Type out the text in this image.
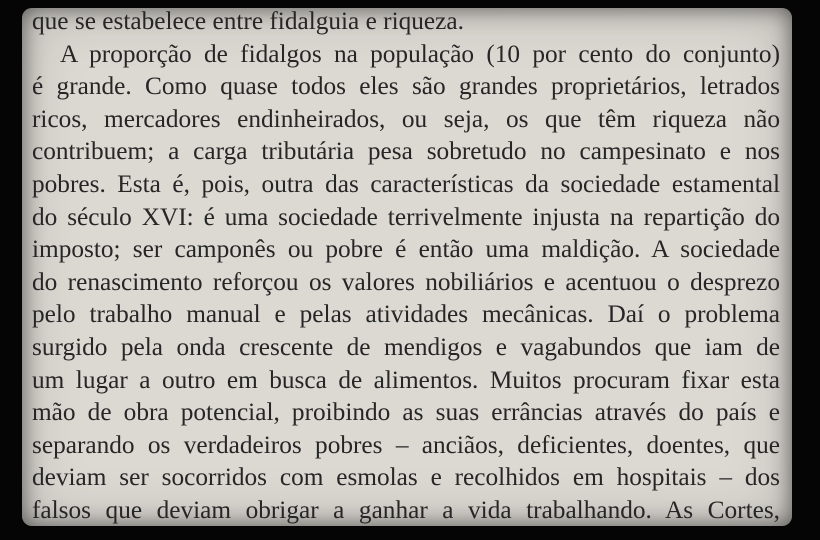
que se estabelece entre fidalguia e riqueza.
A proporção de fidalgos na população (10 por cento do conjunto)
é grande. Como quase todos eles são grandes proprietários, letrados
ricos, mercadores endinheirados, ou seja, os que têm riqueza não
contribuem; a carga tributária pesa sobretudo no campesinato e nos
pobres. Esta é, pois, outra das características da sociedade estamental
do século XVI: é uma sociedade terrivelmente injusta na repartição do
imposto; ser camponês ou pobre é então uma maldição. A sociedade
do renascimento reforçou os valores nobiliários e acentuou o desprezo
pelo trabalho manual e pelas atividades mecânicas. Daí o problema
surgido pela onda crescente de mendigos e vagabundos que iam de
um lugar a outro em busca de alimentos. Muitos procuram fixar esta
mão de obra potencial, proibindo as suas errâncias através do país e
separando os verdadeiros pobres – anciãos, deficientes, doentes, que
deviam ser socorridos com esmolas e recolhidos em hospitais – dos
falsos que deviam obrigar a ganhar a vida trabalhando. As Cortes,
